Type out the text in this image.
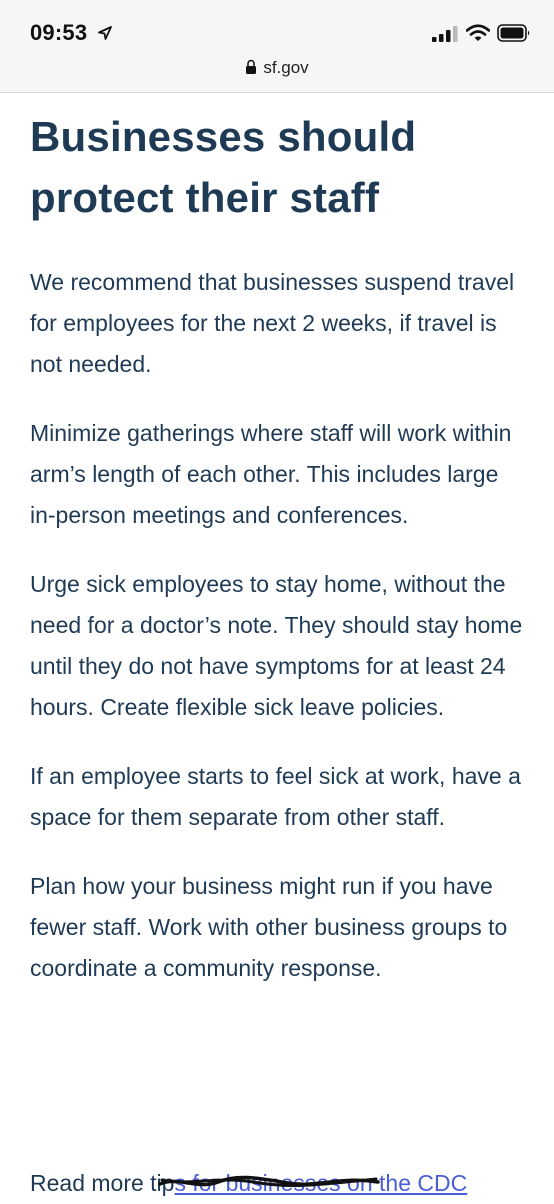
09:53
sf.gov
Businesses should protect their staff

We recommend that businesses suspend travel for employees for the next 2 weeks, if travel is not needed.

Minimize gatherings where staff will work within arm’s length of each other. This includes large in-person meetings and conferences.

Urge sick employees to stay home, without the need for a doctor’s note. They should stay home until they do not have symptoms for at least 24 hours. Create flexible sick leave policies.

If an employee starts to feel sick at work, have a space for them separate from other staff.

Plan how your business might run if you have fewer staff. Work with other business groups to coordinate a community response.

Read more tips for businesses on the CDC
